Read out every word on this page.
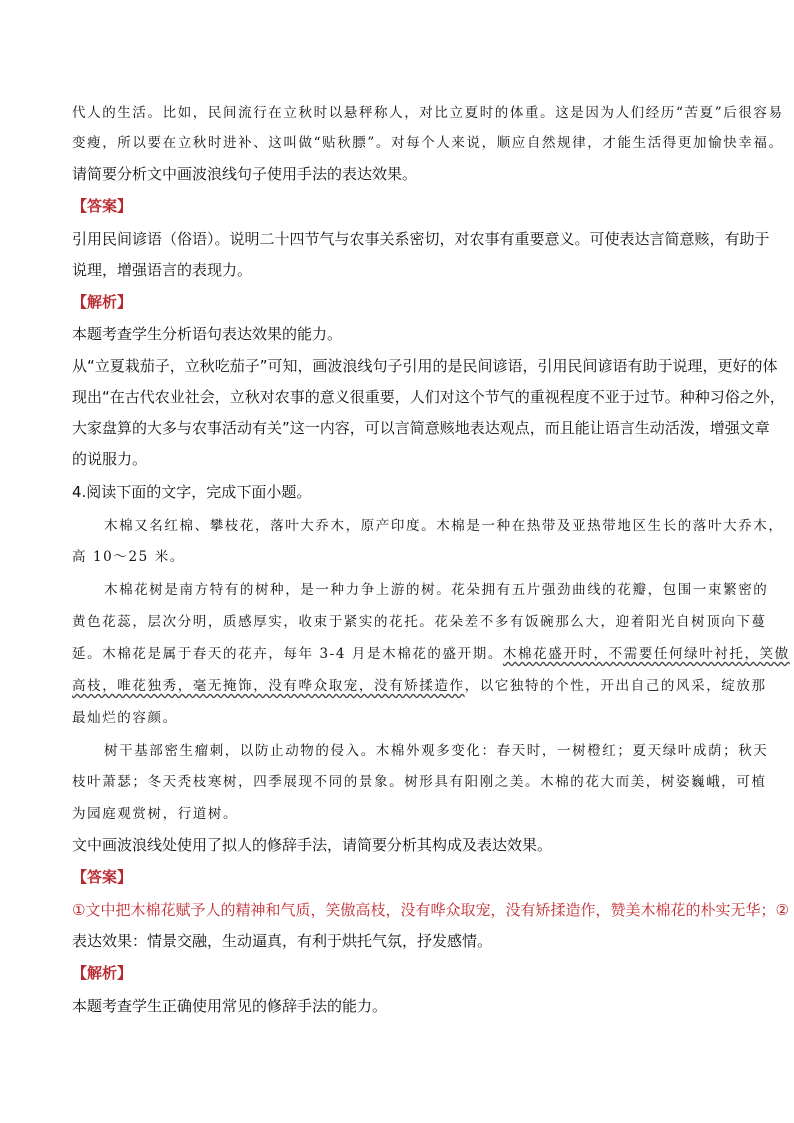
代人的生活。比如，民间流行在立秋时以悬秤称人，对比立夏时的体重。这是因为人们经历“苦夏”后很容易
变瘦，所以要在立秋时进补、这叫做“贴秋膘”。对每个人来说，顺应自然规律，才能生活得更加愉快幸福。
请简要分析文中画波浪线句子使用手法的表达效果。
【答案】
引用民间谚语（俗语）。说明二十四节气与农事关系密切，对农事有重要意义。可使表达言简意赅，有助于
说理，增强语言的表现力。
【解析】
本题考查学生分析语句表达效果的能力。
从“立夏栽茄子，立秋吃茄子”可知，画波浪线句子引用的是民间谚语，引用民间谚语有助于说理，更好的体
现出“在古代农业社会，立秋对农事的意义很重要，人们对这个节气的重视程度不亚于过节。种种习俗之外，
大家盘算的大多与农事活动有关”这一内容，可以言简意赅地表达观点，而且能让语言生动活泼，增强文章
的说服力。
4.阅读下面的文字，完成下面小题。
木棉又名红棉、攀枝花，落叶大乔木，原产印度。木棉是一种在热带及亚热带地区生长的落叶大乔木，
高 10～25 米。
木棉花树是南方特有的树种，是一种力争上游的树。花朵拥有五片强劲曲线的花瓣，包围一束繁密的
黄色花蕊，层次分明，质感厚实，收束于紧实的花托。花朵差不多有饭碗那么大，迎着阳光自树顶向下蔓
延。木棉花是属于春天的花卉，每年 3-4 月是木棉花的盛开期。木棉花盛开时，不需要任何绿叶衬托，笑傲
高枝，唯花独秀，毫无掩饰，没有哗众取宠，没有矫揉造作，以它独特的个性，开出自己的风采，绽放那
最灿烂的容颜。
树干基部密生瘤刺，以防止动物的侵入。木棉外观多变化：春天时，一树橙红；夏天绿叶成荫；秋天
枝叶萧瑟；冬天秃枝寒树，四季展现不同的景象。树形具有阳刚之美。木棉的花大而美，树姿巍峨，可植
为园庭观赏树，行道树。
文中画波浪线处使用了拟人的修辞手法，请简要分析其构成及表达效果。
【答案】
①文中把木棉花赋予人的精神和气质，笑傲高枝，没有哗众取宠，没有矫揉造作，赞美木棉花的朴实无华；②
表达效果：情景交融，生动逼真，有利于烘托气氛，抒发感情。
【解析】
本题考查学生正确使用常见的修辞手法的能力。
